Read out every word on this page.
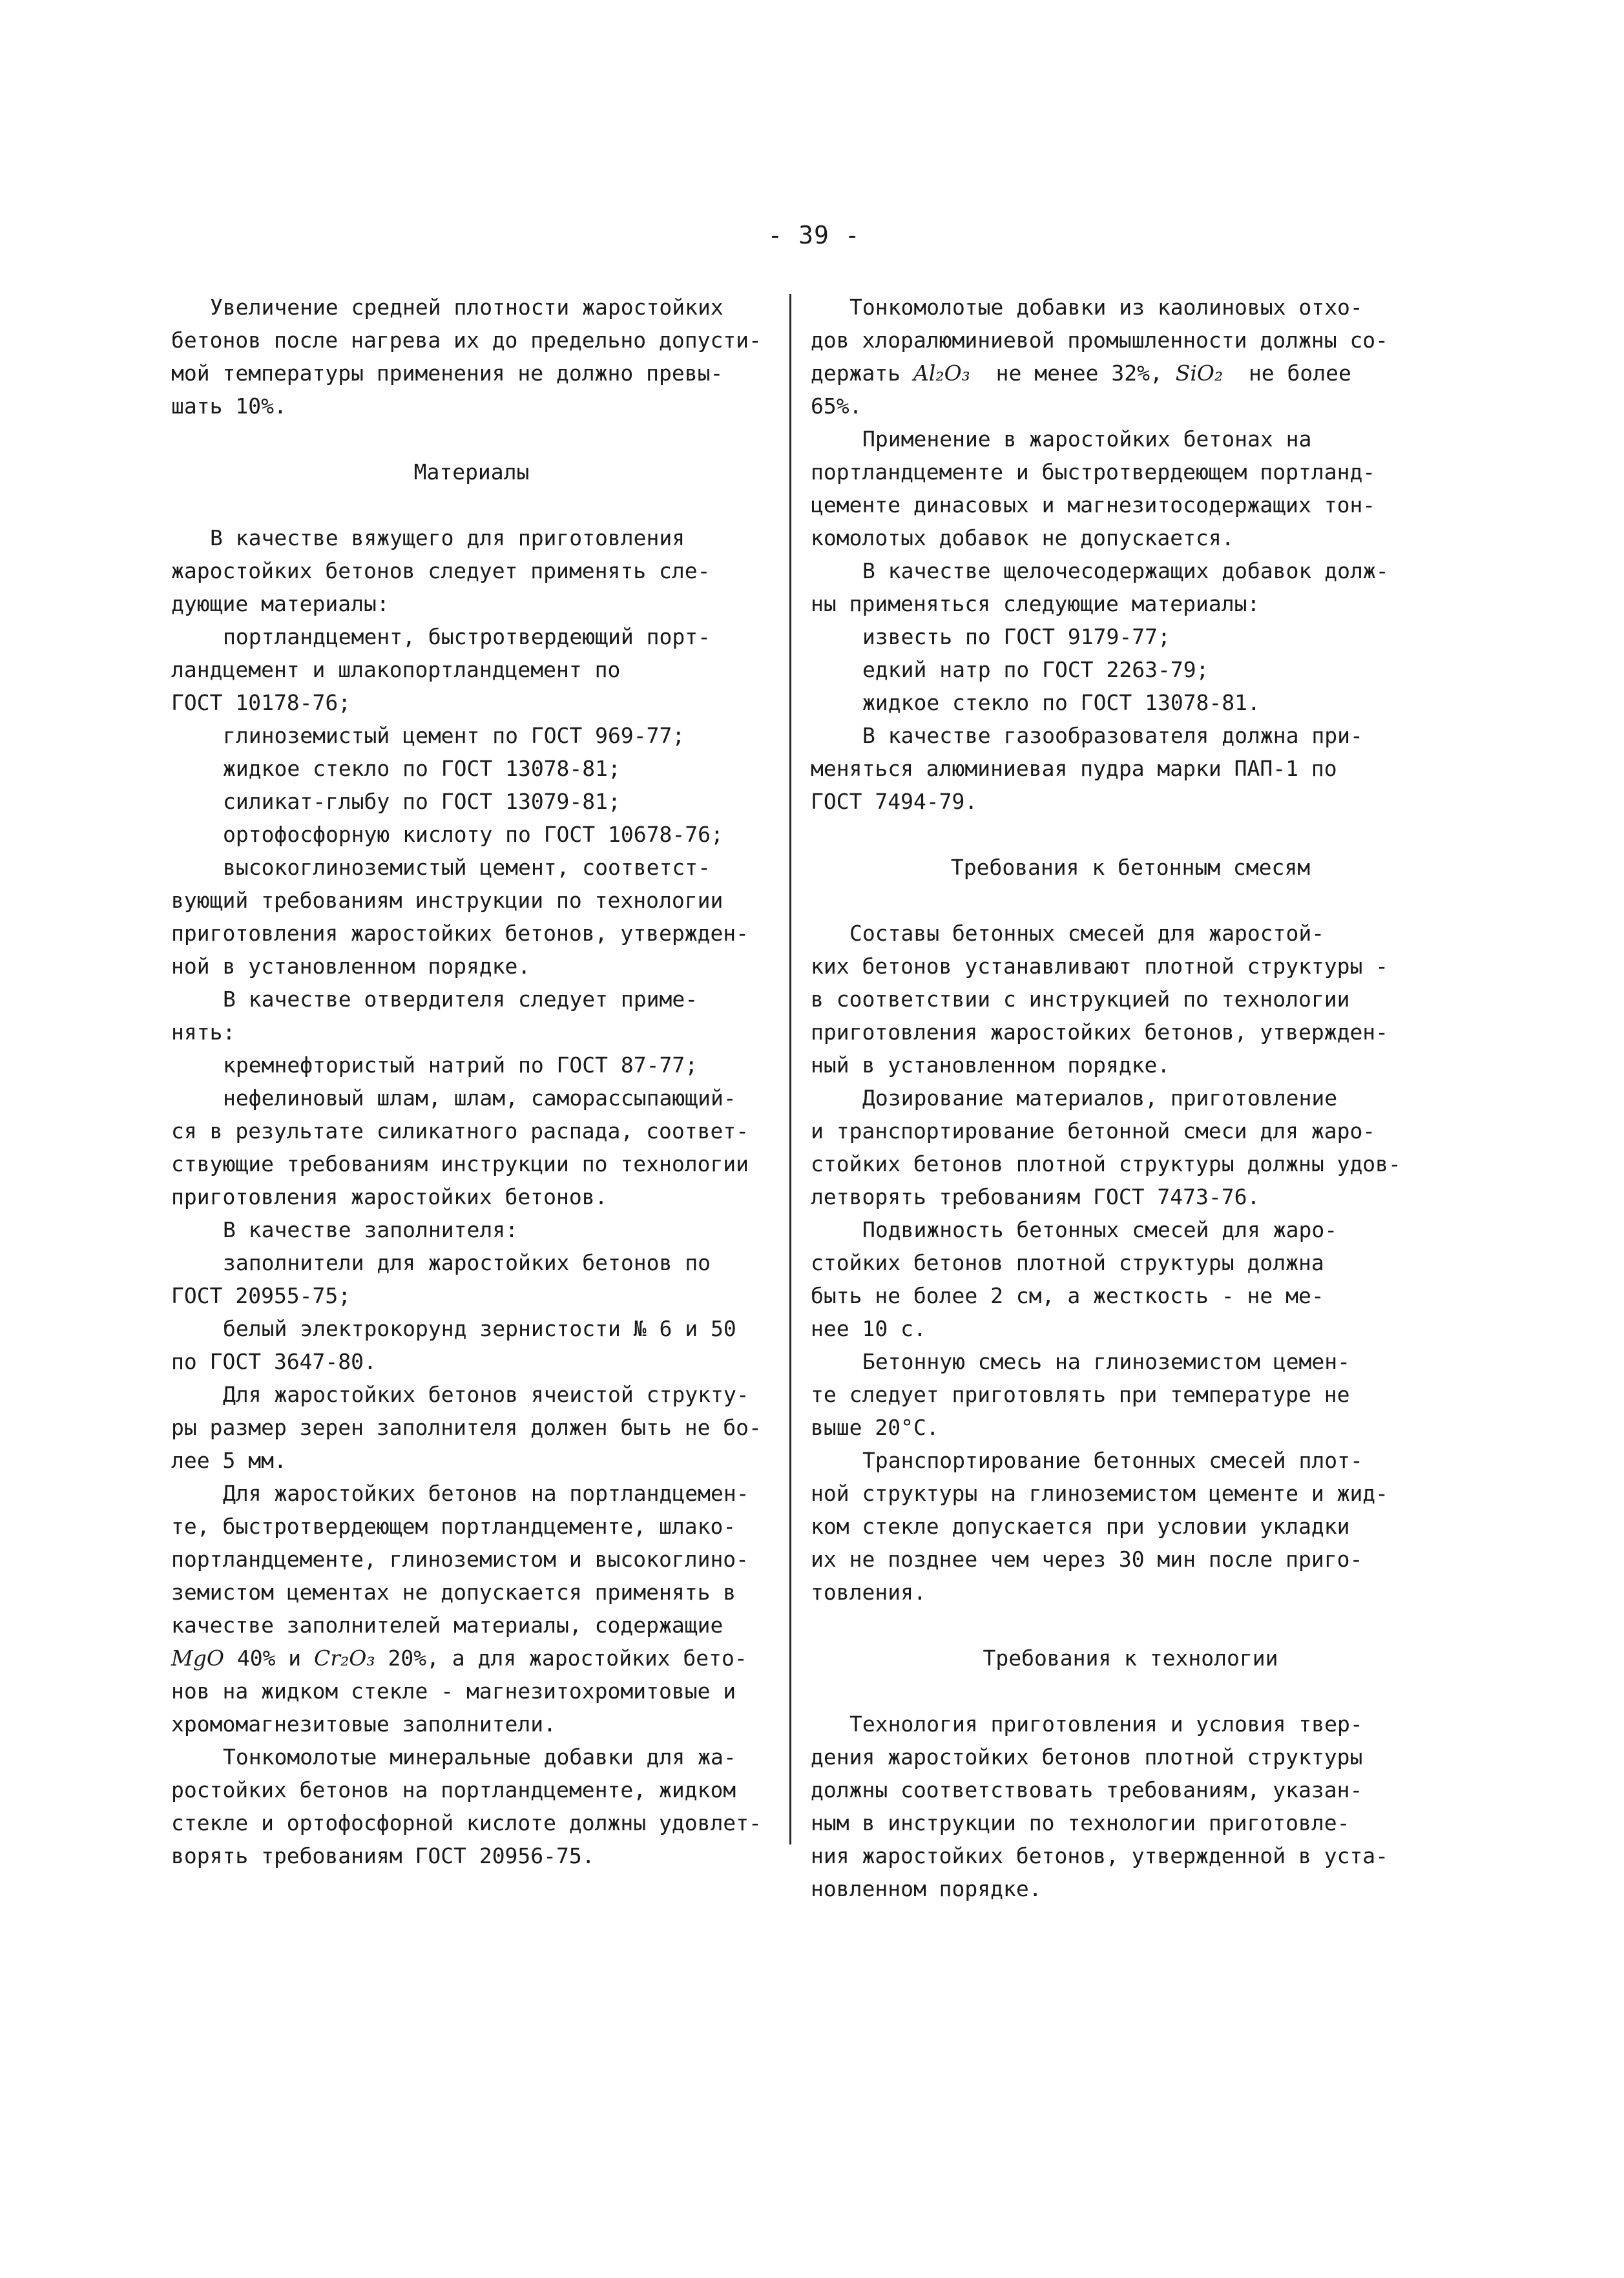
- 39 -
Увеличение средней плотности жаростойких
бетонов после нагрева их до предельно допусти-
мой температуры применения не должно превы-
шать 10%.
Материалы
В качестве вяжущего для приготовления
жаростойких бетонов следует применять сле-
дующие материалы:
портландцемент, быстротвердеющий порт-
ландцемент и шлакопортландцемент по
ГОСТ 10178-76;
глиноземистый цемент по ГОСТ 969-77;
жидкое стекло по ГОСТ 13078-81;
силикат-глыбу по ГОСТ 13079-81;
ортофосфорную кислоту по ГОСТ 10678-76;
высокоглиноземистый цемент, соответст-
вующий требованиям инструкции по технологии
приготовления жаростойких бетонов, утвержден-
ной в установленном порядке.
В качестве отвердителя следует приме-
нять:
кремнефтористый натрий по ГОСТ 87-77;
нефелиновый шлам, шлам, саморассыпающий-
ся в результате силикатного распада, соответ-
ствующие требованиям инструкции по технологии
приготовления жаростойких бетонов.
В качестве заполнителя:
заполнители для жаростойких бетонов по
ГОСТ 20955-75;
белый электрокорунд зернистости № 6 и 50
по ГОСТ 3647-80.
Для жаростойких бетонов ячеистой структу-
ры размер зерен заполнителя должен быть не бо-
лее 5 мм.
Для жаростойких бетонов на портландцемен-
те, быстротвердеющем портландцементе, шлако-
портландцементе, глиноземистом и высокоглино-
земистом цементах не допускается применять в
качестве заполнителей материалы, содержащие
MgO 40% и Cr₂O₃ 20%, а для жаростойких бето-
нов на жидком стекле - магнезитохромитовые и
хромомагнезитовые заполнители.
Тонкомолотые минеральные добавки для жа-
ростойких бетонов на портландцементе, жидком
стекле и ортофосфорной кислоте должны удовлет-
ворять требованиям ГОСТ 20956-75.
Тонкомолотые добавки из каолиновых отхо-
дов хлоралюминиевой промышленности должны со-
держать Al₂O₃  не менее 32%, SiO₂  не более
65%.
Применение в жаростойких бетонах на
портландцементе и быстротвердеющем портланд-
цементе динасовых и магнезитосодержащих тон-
комолотых добавок не допускается.
В качестве щелочесодержащих добавок долж-
ны применяться следующие материалы:
известь по ГОСТ 9179-77;
едкий натр по ГОСТ 2263-79;
жидкое стекло по ГОСТ 13078-81.
В качестве газообразователя должна при-
меняться алюминиевая пудра марки ПАП-1 по
ГОСТ 7494-79.
Требования к бетонным смесям
Составы бетонных смесей для жаростой-
ких бетонов устанавливают плотной структуры -
в соответствии с инструкцией по технологии
приготовления жаростойких бетонов, утвержден-
ный в установленном порядке.
Дозирование материалов, приготовление
и транспортирование бетонной смеси для жаро-
стойких бетонов плотной структуры должны удов-
летворять требованиям ГОСТ 7473-76.
Подвижность бетонных смесей для жаро-
стойких бетонов плотной структуры должна
быть не более 2 см, а жесткость - не ме-
нее 10 с.
Бетонную смесь на глиноземистом цемен-
те следует приготовлять при температуре не
выше 20°С.
Транспортирование бетонных смесей плот-
ной структуры на глиноземистом цементе и жид-
ком стекле допускается при условии укладки
их не позднее чем через 30 мин после приго-
товления.
Требования к технологии
Технология приготовления и условия твер-
дения жаростойких бетонов плотной структуры
должны соответствовать требованиям, указан-
ным в инструкции по технологии приготовле-
ния жаростойких бетонов, утвержденной в уста-
новленном порядке.
